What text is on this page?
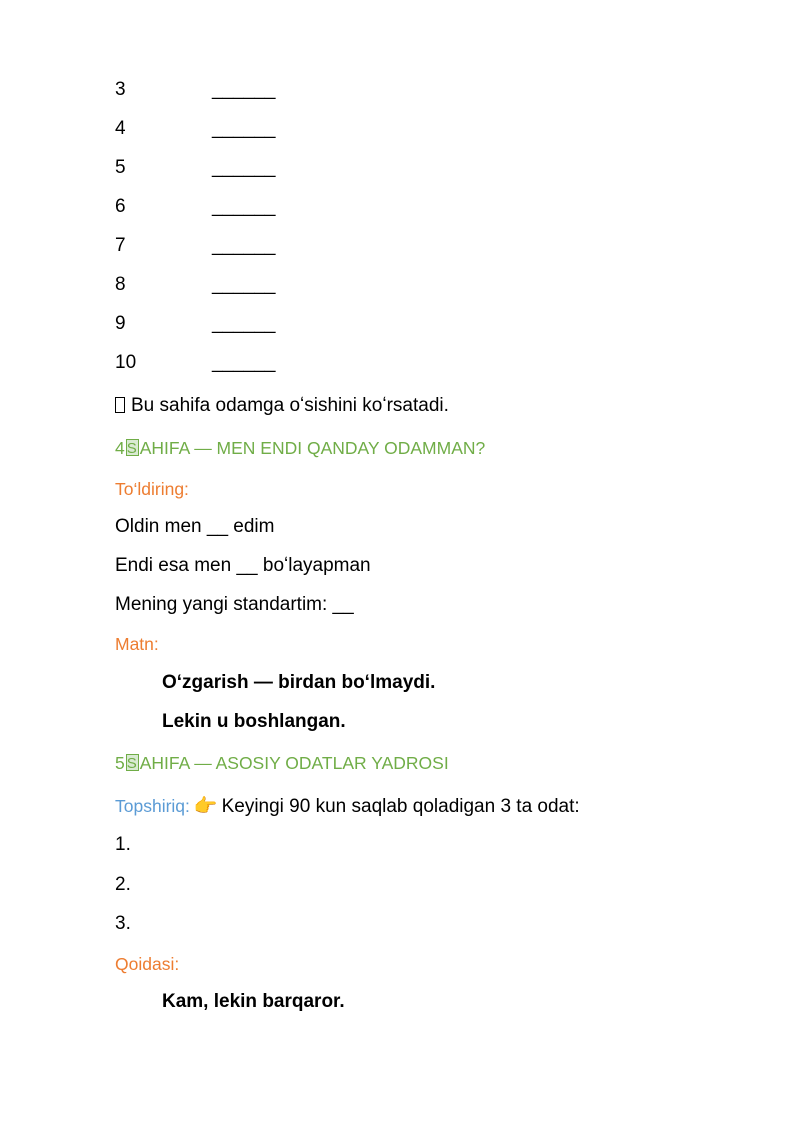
3	______
4	______
5	______
6	______
7	______
8	______
9	______
10	______
Bu sahifa odamga oʻsishini koʻrsatadi.
4 S AHIFA — MEN ENDI QANDAY ODAMMAN?
To‘ldiring:
Oldin men __ edim
Endi esa men __ boʻlayapman
Mening yangi standartim: __
Matn:
Oʻzgarish — birdan boʻlmaydi.
Lekin u boshlangan.
5 S AHIFA — ASOSIY ODATLAR YADROSI
Topshiriq: 👉 Keyingi 90 kun saqlab qoladigan 3 ta odat:
1.
2.
3.
Qoidasi:
Kam, lekin barqaror.
